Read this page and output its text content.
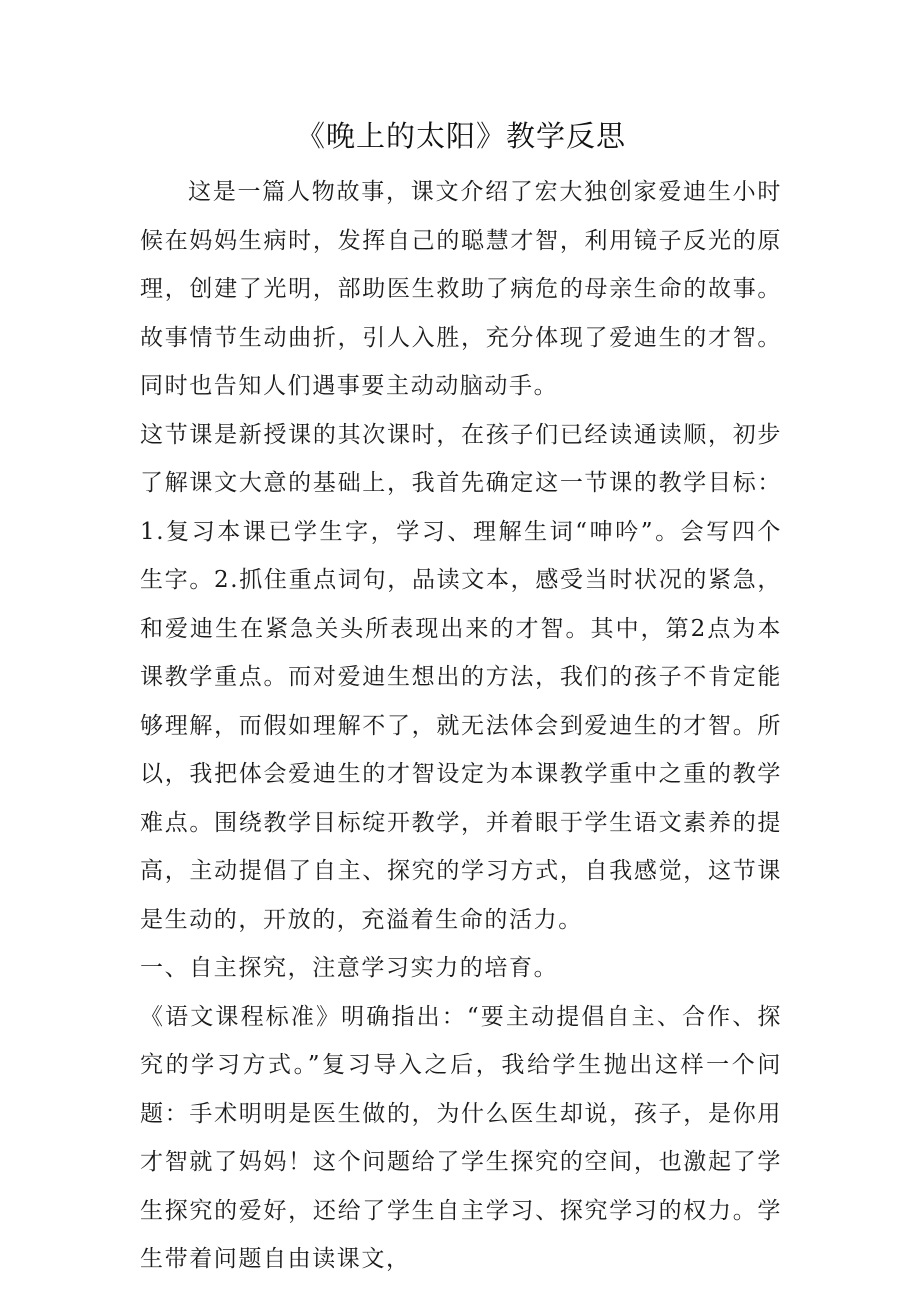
《晚上的太阳》教学反思

这是一篇人物故事，课文介绍了宏大独创家爱迪生小时候在妈妈生病时，发挥自己的聪慧才智，利用镜子反光的原理，创建了光明，部助医生救助了病危的母亲生命的故事。故事情节生动曲折，引人入胜，充分体现了爱迪生的才智。同时也告知人们遇事要主动动脑动手。

这节课是新授课的其次课时，在孩子们已经读通读顺，初步了解课文大意的基础上，我首先确定这一节课的教学目标：1.复习本课已学生字，学习、理解生词“呻吟”。会写四个生字。2.抓住重点词句，品读文本，感受当时状况的紧急，和爱迪生在紧急关头所表现出来的才智。其中，第2点为本课教学重点。而对爱迪生想出的方法，我们的孩子不肯定能够理解，而假如理解不了，就无法体会到爱迪生的才智。所以，我把体会爱迪生的才智设定为本课教学重中之重的教学难点。围绕教学目标绽开教学，并着眼于学生语文素养的提高，主动提倡了自主、探究的学习方式，自我感觉，这节课是生动的，开放的，充溢着生命的活力。

一、自主探究，注意学习实力的培育。

《语文课程标准》明确指出：“要主动提倡自主、合作、探究的学习方式。”复习导入之后，我给学生抛出这样一个问题：手术明明是医生做的，为什么医生却说，孩子，是你用才智就了妈妈！这个问题给了学生探究的空间，也激起了学生探究的爱好，还给了学生自主学习、探究学习的权力。学生带着问题自由读课文，
